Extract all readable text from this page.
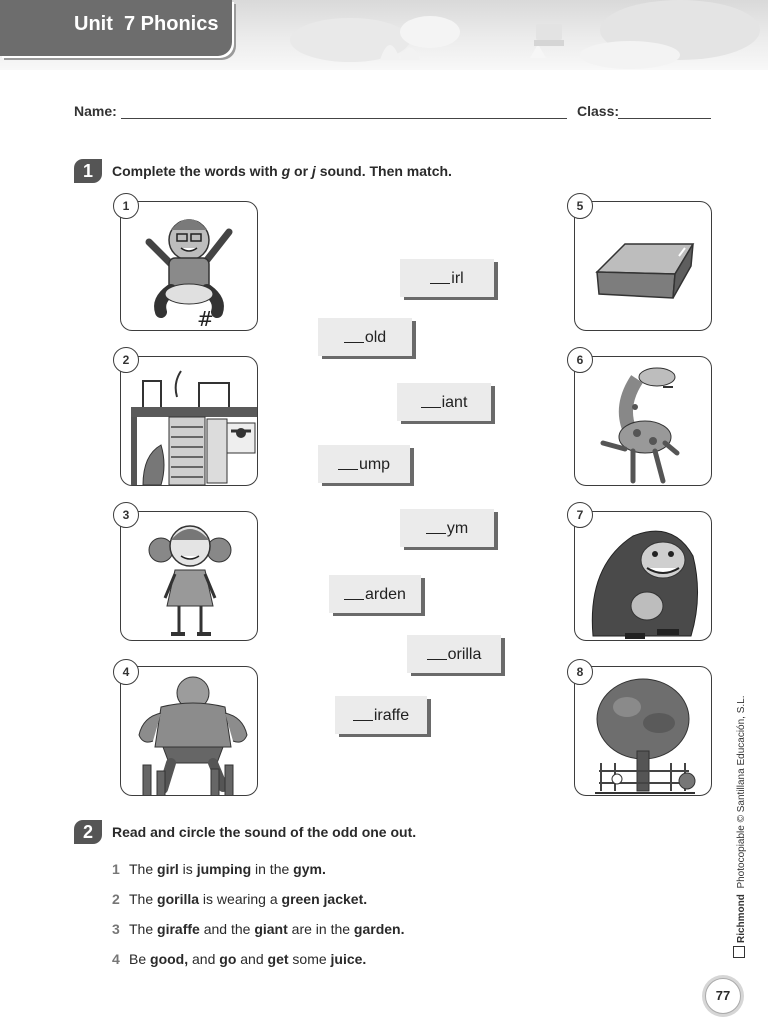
Unit  7 Phonics
Name:	Class:
1	Complete the words with g or j sound. Then match.
#
1
2
3
4
5
6
7
8
irl
old
iant
ump
ym
arden
orilla
iraffe
2	Read and circle the sound of the odd one out.
1 The girl is jumping in the gym.
2 The gorilla is wearing a green jacket.
3 The giraffe and the giant are in the garden.
4 Be good, and go and get some juice.
Richmond  Photocopiable © Santillana Educación, S.L.
77
